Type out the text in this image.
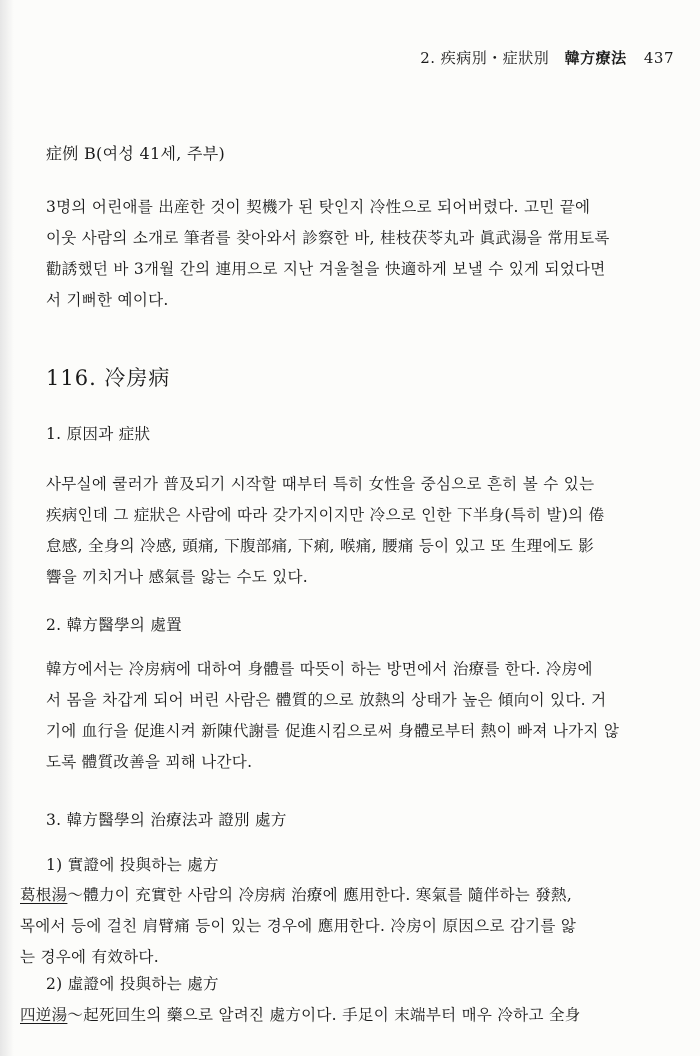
2. 疾病別・症狀別 韓方療法 437
症例 B(여성 41세, 주부)
3명의 어린애를 出産한 것이 契機가 된 탓인지 冷性으로 되어버렸다. 고민 끝에
이웃 사람의 소개로 筆者를 찾아와서 診察한 바, 桂枝茯苓丸과 眞武湯을 常用토록
勸誘했던 바 3개월 간의 連用으로 지난 겨울철을 快適하게 보낼 수 있게 되었다면
서 기뻐한 예이다.
116. 冷房病
1. 原因과 症狀
사무실에 쿨러가 普及되기 시작할 때부터 특히 女性을 중심으로 흔히 볼 수 있는
疾病인데 그 症狀은 사람에 따라 갖가지이지만 冷으로 인한 下半身(특히 발)의 倦
怠感, 全身의 冷感, 頭痛, 下腹部痛, 下痢, 喉痛, 腰痛 등이 있고 또 生理에도 影
響을 끼치거나 感氣를 앓는 수도 있다.
2. 韓方醫學의 處置
韓方에서는 冷房病에 대하여 身體를 따뜻이 하는 방면에서 治療를 한다. 冷房에
서 몸을 차갑게 되어 버린 사람은 體質的으로 放熱의 상태가 높은 傾向이 있다. 거
기에 血行을 促進시켜 新陳代謝를 促進시킴으로써 身體로부터 熱이 빠져 나가지 않
도록 體質改善을 꾀해 나간다.
3. 韓方醫學의 治療法과 證別 處方
1) 實證에 投與하는 處方
葛根湯～體力이 充實한 사람의 冷房病 治療에 應用한다. 寒氣를 隨伴하는 發熱,
목에서 등에 걸친 肩臂痛 등이 있는 경우에 應用한다. 冷房이 原因으로 감기를 앓
는 경우에 有效하다.
2) 虛證에 投與하는 處方
四逆湯～起死回生의 藥으로 알려진 處方이다. 手足이 末端부터 매우 冷하고 全身
